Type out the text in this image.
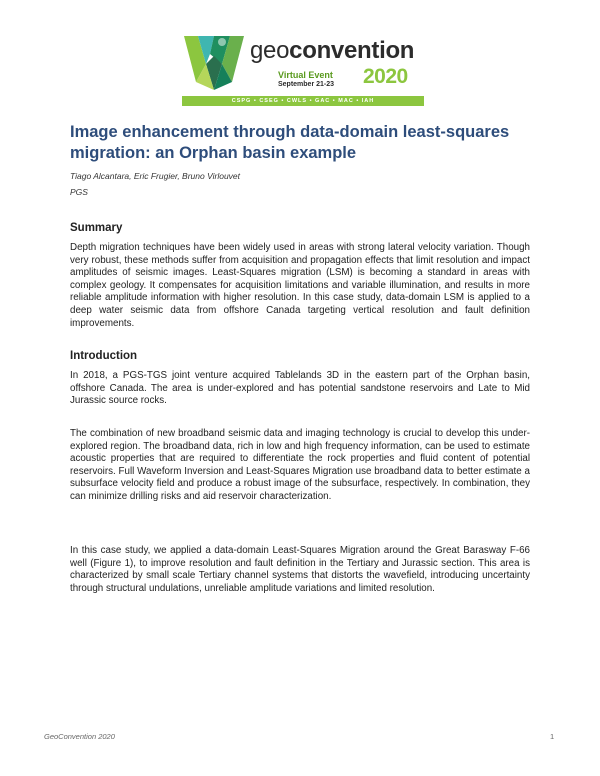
geoconvention
Virtual Event
September 21-23 2020
CSPG • CSEG • CWLS • GAC • MAC • IAH
Image enhancement through data-domain least-squares migration: an Orphan basin example
Tiago Alcantara, Eric Frugier, Bruno Virlouvet
PGS
Summary

Depth migration techniques have been widely used in areas with strong lateral velocity variation. Though very robust, these methods suffer from acquisition and propagation effects that limit resolution and impact amplitudes of seismic images. Least-Squares migration (LSM) is becoming a standard in areas with complex geology. It compensates for acquisition limitations and variable illumination, and results in more reliable amplitude information with higher resolution. In this case study, data-domain LSM is applied to a deep water seismic data from offshore Canada targeting vertical resolution and fault definition improvements.

Introduction

In 2018, a PGS-TGS joint venture acquired Tablelands 3D in the eastern part of the Orphan basin, offshore Canada. The area is under-explored and has potential sandstone reservoirs and Late to Mid Jurassic source rocks.

The combination of new broadband seismic data and imaging technology is crucial to develop this under-explored region. The broadband data, rich in low and high frequency information, can be used to estimate acoustic properties that are required to differentiate the rock properties and fluid content of potential reservoirs. Full Waveform Inversion and Least-Squares Migration use broadband data to better estimate a subsurface velocity field and produce a robust image of the subsurface, respectively. In combination, they can minimize drilling risks and aid reservoir characterization.

In this case study, we applied a data-domain Least-Squares Migration around the Great Barasway F-66 well (Figure 1), to improve resolution and fault definition in the Tertiary and Jurassic section. This area is characterized by small scale Tertiary channel systems that distorts the wavefield, introducing uncertainty through structural undulations, unreliable amplitude variations and limited resolution.

GeoConvention 2020	1
